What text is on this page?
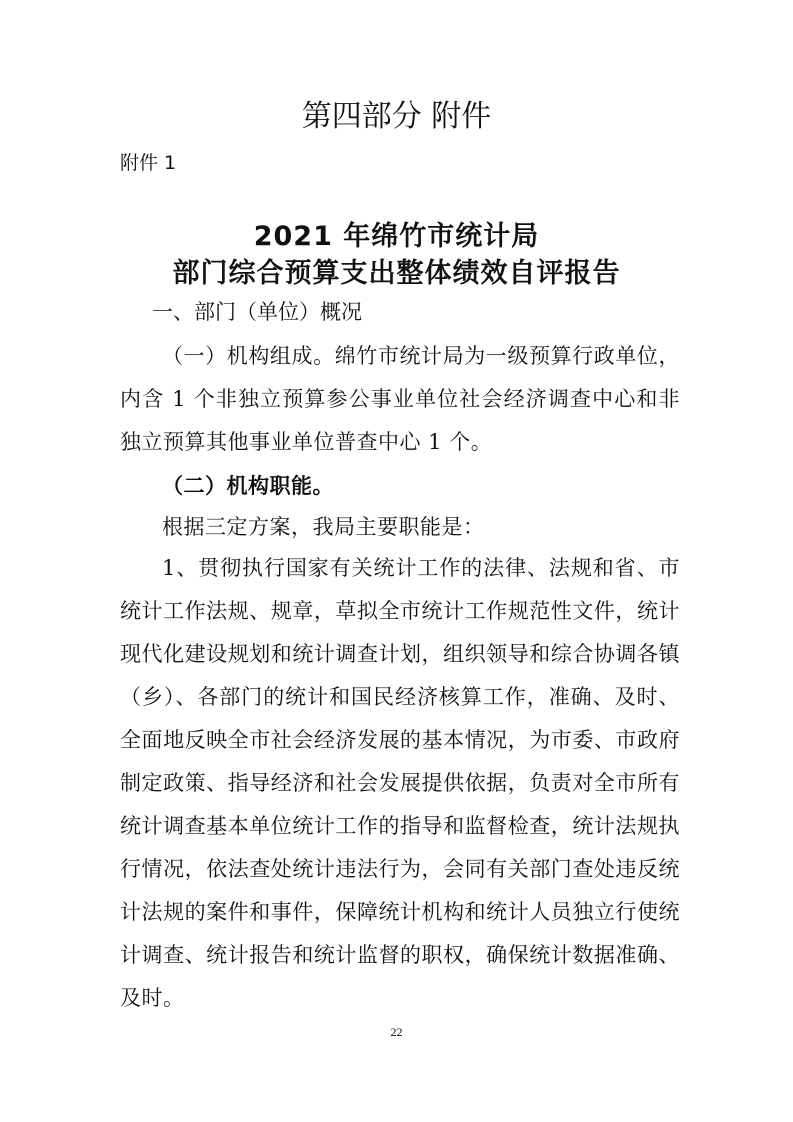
第四部分 附件
附件 1
2021 年绵竹市统计局
部门综合预算支出整体绩效自评报告
一、部门（单位）概况
（一）机构组成。绵竹市统计局为一级预算行政单位，内含 1 个非独立预算参公事业单位社会经济调查中心和非独立预算其他事业单位普查中心 1 个。
（二）机构职能。
根据三定方案，我局主要职能是：
1、贯彻执行国家有关统计工作的法律、法规和省、市统计工作法规、规章，草拟全市统计工作规范性文件，统计现代化建设规划和统计调查计划，组织领导和综合协调各镇（乡）、各部门的统计和国民经济核算工作，准确、及时、全面地反映全市社会经济发展的基本情况，为市委、市政府制定政策、指导经济和社会发展提供依据，负责对全市所有统计调查基本单位统计工作的指导和监督检查，统计法规执行情况，依法查处统计违法行为，会同有关部门查处违反统计法规的案件和事件，保障统计机构和统计人员独立行使统计调查、统计报告和统计监督的职权，确保统计数据准确、及时。
22
